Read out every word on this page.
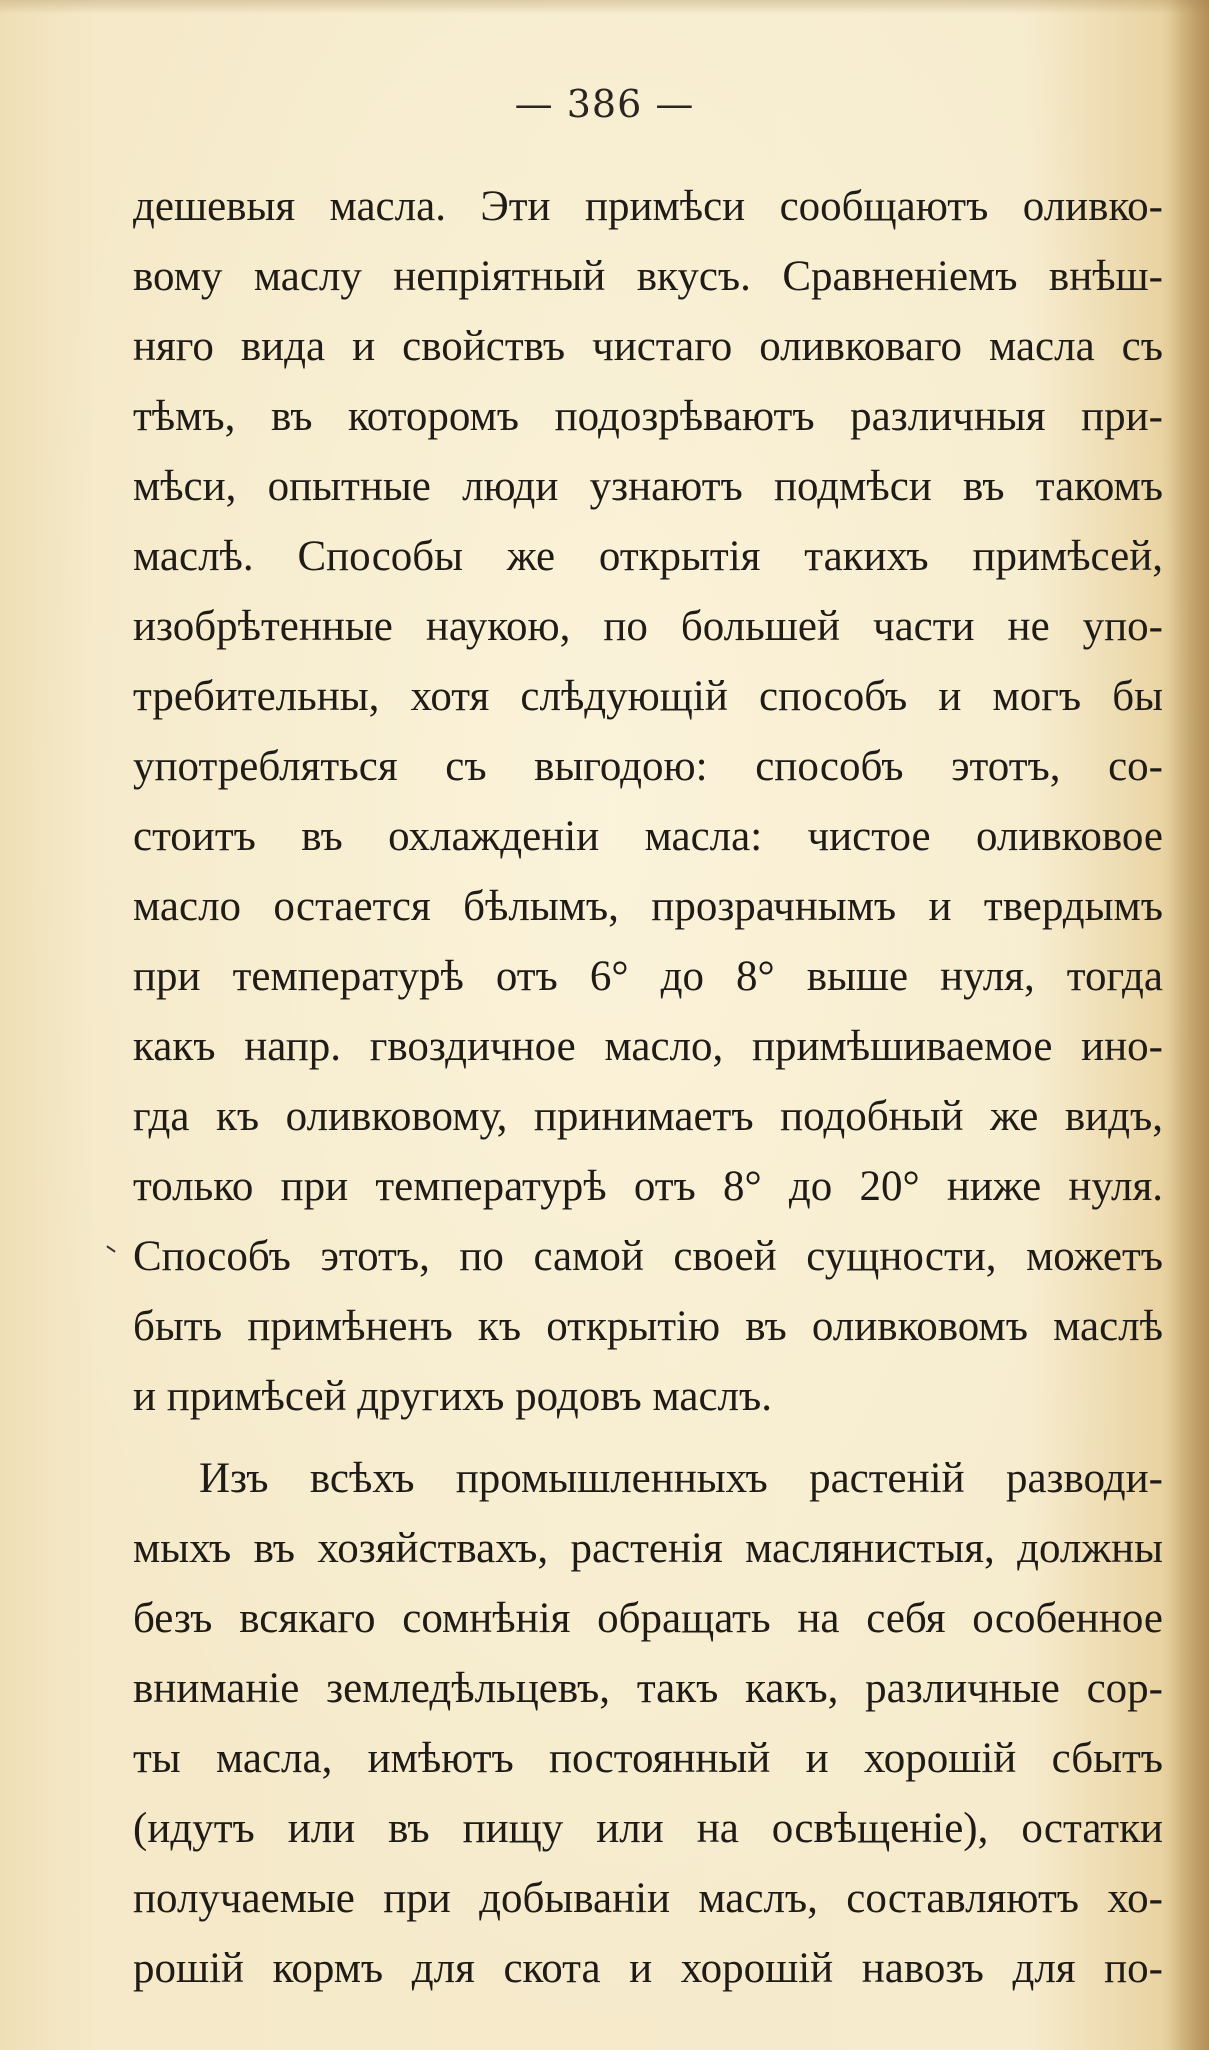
— 386 —
дешевыя масла. Эти примѣси сообщаютъ оливко-
вому маслу непріятный вкусъ. Сравненіемъ внѣш-
няго вида и свойствъ чистаго оливковаго масла съ
тѣмъ, въ которомъ подозрѣваютъ различныя при-
мѣси, опытные люди узнаютъ подмѣси въ такомъ
маслѣ. Способы же открытія такихъ примѣсей,
изобрѣтенные наукою, по большей части не упо-
требительны, хотя слѣдующій способъ и могъ бы
употребляться съ выгодою: способъ этотъ, со-
стоитъ въ охлажденіи масла: чистое оливковое
масло остается бѣлымъ, прозрачнымъ и твердымъ
при температурѣ отъ 6° до 8° выше нуля, тогда
какъ напр. гвоздичное масло, примѣшиваемое ино-
гда къ оливковому, принимаетъ подобный же видъ,
только при температурѣ отъ 8° до 20° ниже нуля.
Способъ этотъ, по самой своей сущности, можетъ
быть примѣненъ къ открытію въ оливковомъ маслѣ
и примѣсей другихъ родовъ маслъ.
Изъ всѣхъ промышленныхъ растеній разводи-
мыхъ въ хозяйствахъ, растенія маслянистыя, должны
безъ всякаго сомнѣнія обращать на себя особенное
вниманіе земледѣльцевъ, такъ какъ, различные сор-
ты масла, имѣютъ постоянный и хорошій сбытъ
(идутъ или въ пищу или на освѣщеніе), остатки
получаемые при добываніи маслъ, составляютъ хо-
рошій кормъ для скота и хорошій навозъ для по-
